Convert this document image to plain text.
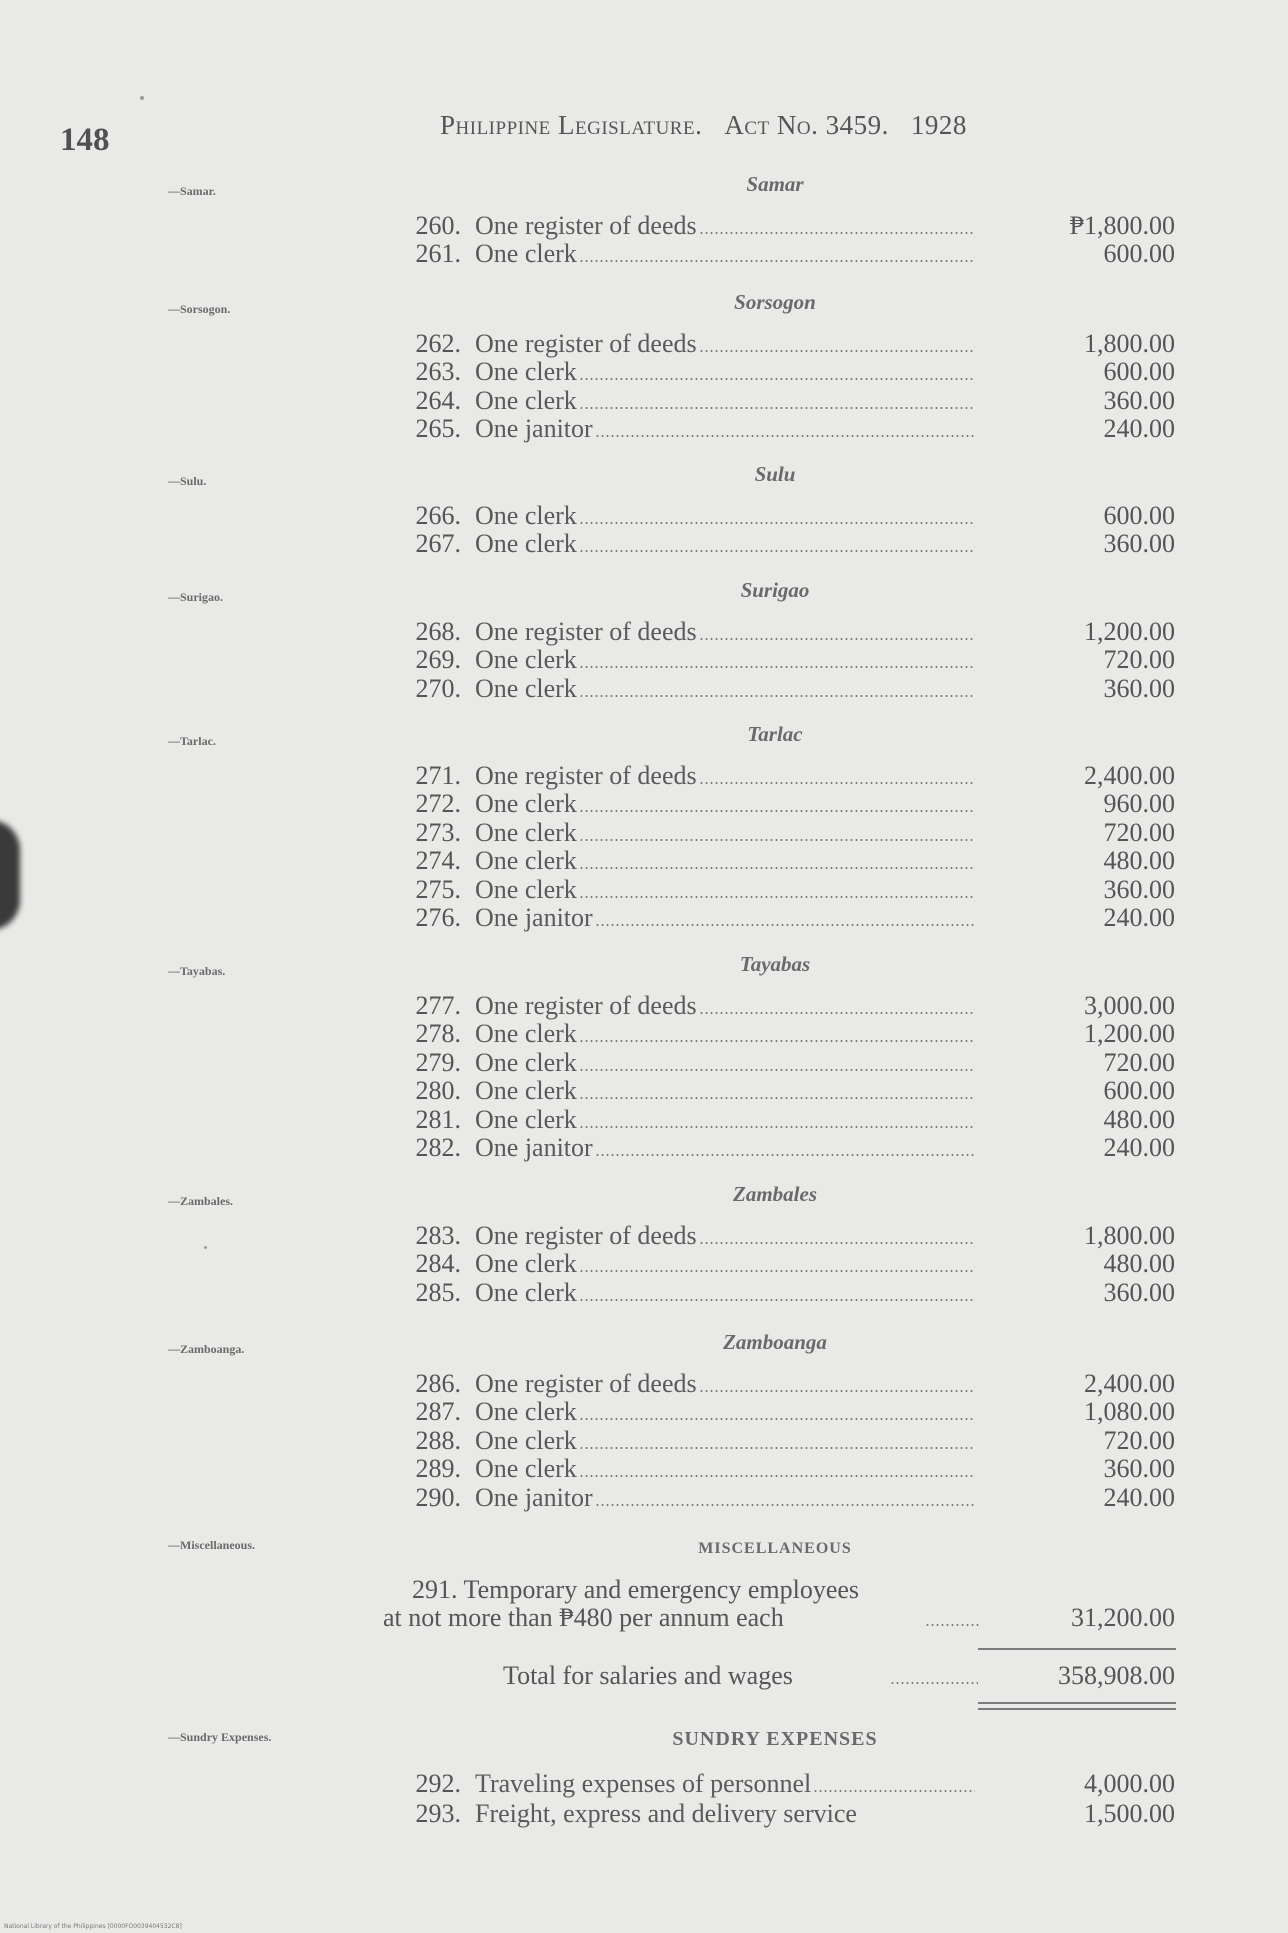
148	Philippine Legislature. Act No. 3459. 1928
—Samar.	Samar
260. One register of deeds	₱1,800.00
261. One clerk	600.00
—Sorsogon.	Sorsogon
262. One register of deeds	1,800.00
263. One clerk	600.00
264. One clerk	360.00
265. One janitor	240.00
—Sulu.	Sulu
266. One clerk	600.00
267. One clerk	360.00
—Surigao.	Surigao
268. One register of deeds	1,200.00
269. One clerk	720.00
270. One clerk	360.00
—Tarlac.	Tarlac
271. One register of deeds	2,400.00
272. One clerk	960.00
273. One clerk	720.00
274. One clerk	480.00
275. One clerk	360.00
276. One janitor	240.00
—Tayabas.	Tayabas
277. One register of deeds	3,000.00
278. One clerk	1,200.00
279. One clerk	720.00
280. One clerk	600.00
281. One clerk	480.00
282. One janitor	240.00
—Zambales.	Zambales
283. One register of deeds	1,800.00
284. One clerk	480.00
285. One clerk	360.00
—Zamboanga.	Zamboanga
286. One register of deeds	2,400.00
287. One clerk	1,080.00
288. One clerk	720.00
289. One clerk	360.00
290. One janitor	240.00
—Miscellaneous.	MISCELLANEOUS
291. Temporary and emergency employees
at not more than ₱480 per annum each	31,200.00
Total for salaries and wages	358,908.00
—Sundry Expenses.	SUNDRY EXPENSES
292. Traveling expenses of personnel	4,000.00
293. Freight, express and delivery service	1,500.00
National Library of the Philippines [0000FO0039404532C8]
